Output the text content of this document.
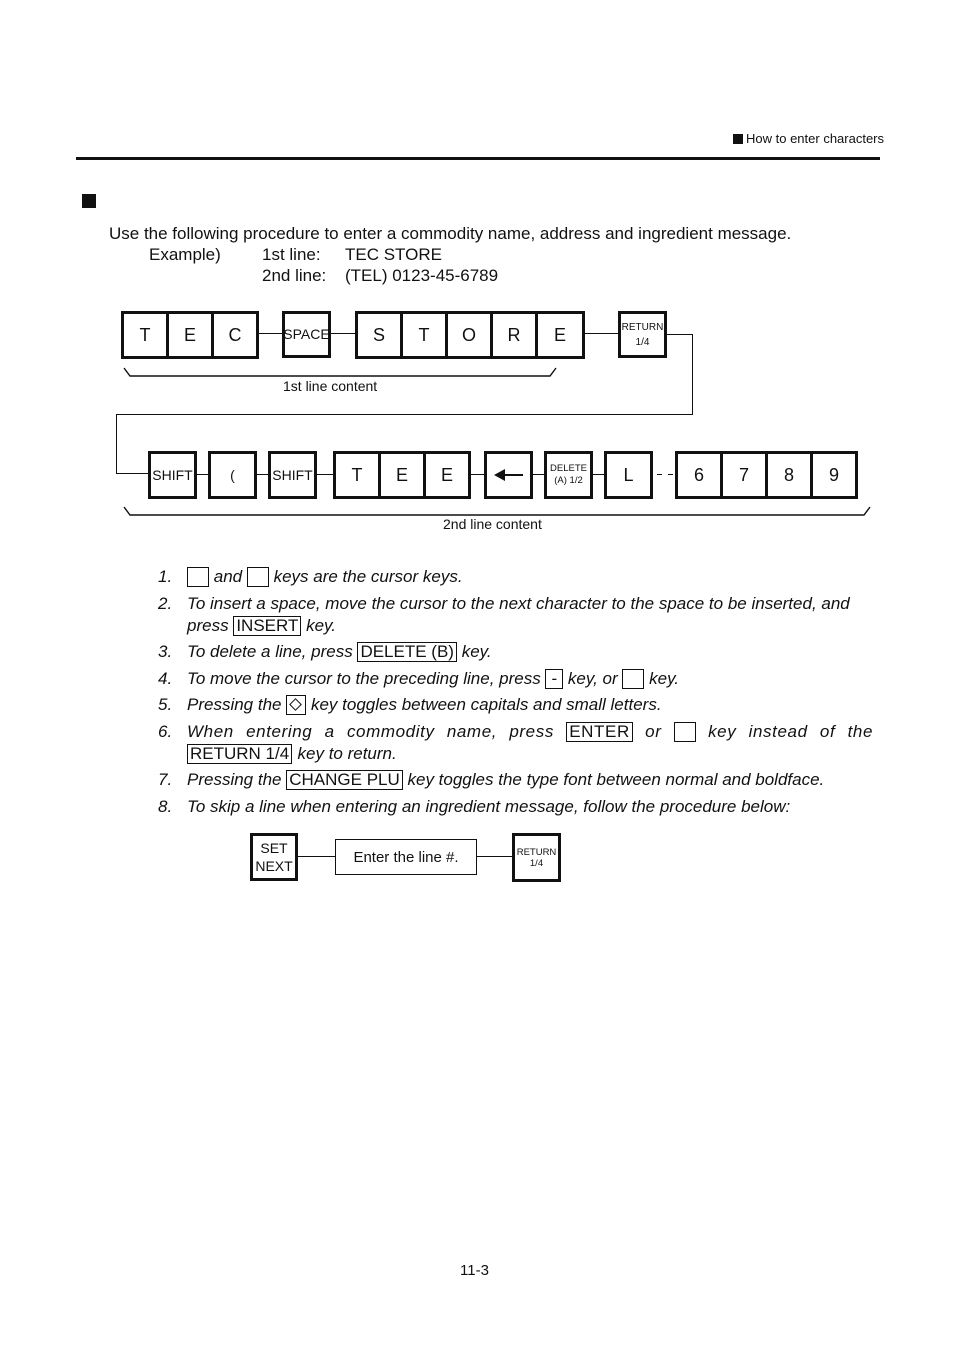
How to enter characters
Use the following procedure to enter a commodity name, address and ingredient message.
Example) 1st line: TEC STORE
2nd line: (TEL) 0123-45-6789
T	E	C	SPACE	S	T	O	R	E	RETURN
1/4
1st line content
SHIFT	(	SHIFT	T	E	E	DELETE
(A) 1/2	L	6	7	8	9
2nd line content
1. and keys are the cursor keys.
2. To insert a space, move the cursor to the next character to the space to be inserted, and press INSERT key.
3. To delete a line, press DELETE (B) key.
4. To move the cursor to the preceding line, press - key, or key.
5. Pressing the key toggles between capitals and small letters.
6. When entering a commodity name, press ENTER or	key instead of the RETURN 1/4 key to return.
7. Pressing the CHANGE PLU key toggles the type font between normal and boldface.
8. To skip a line when entering an ingredient message, follow the procedure below:
SET
NEXT
Enter the line #.	RETURN
1/4
11-3
